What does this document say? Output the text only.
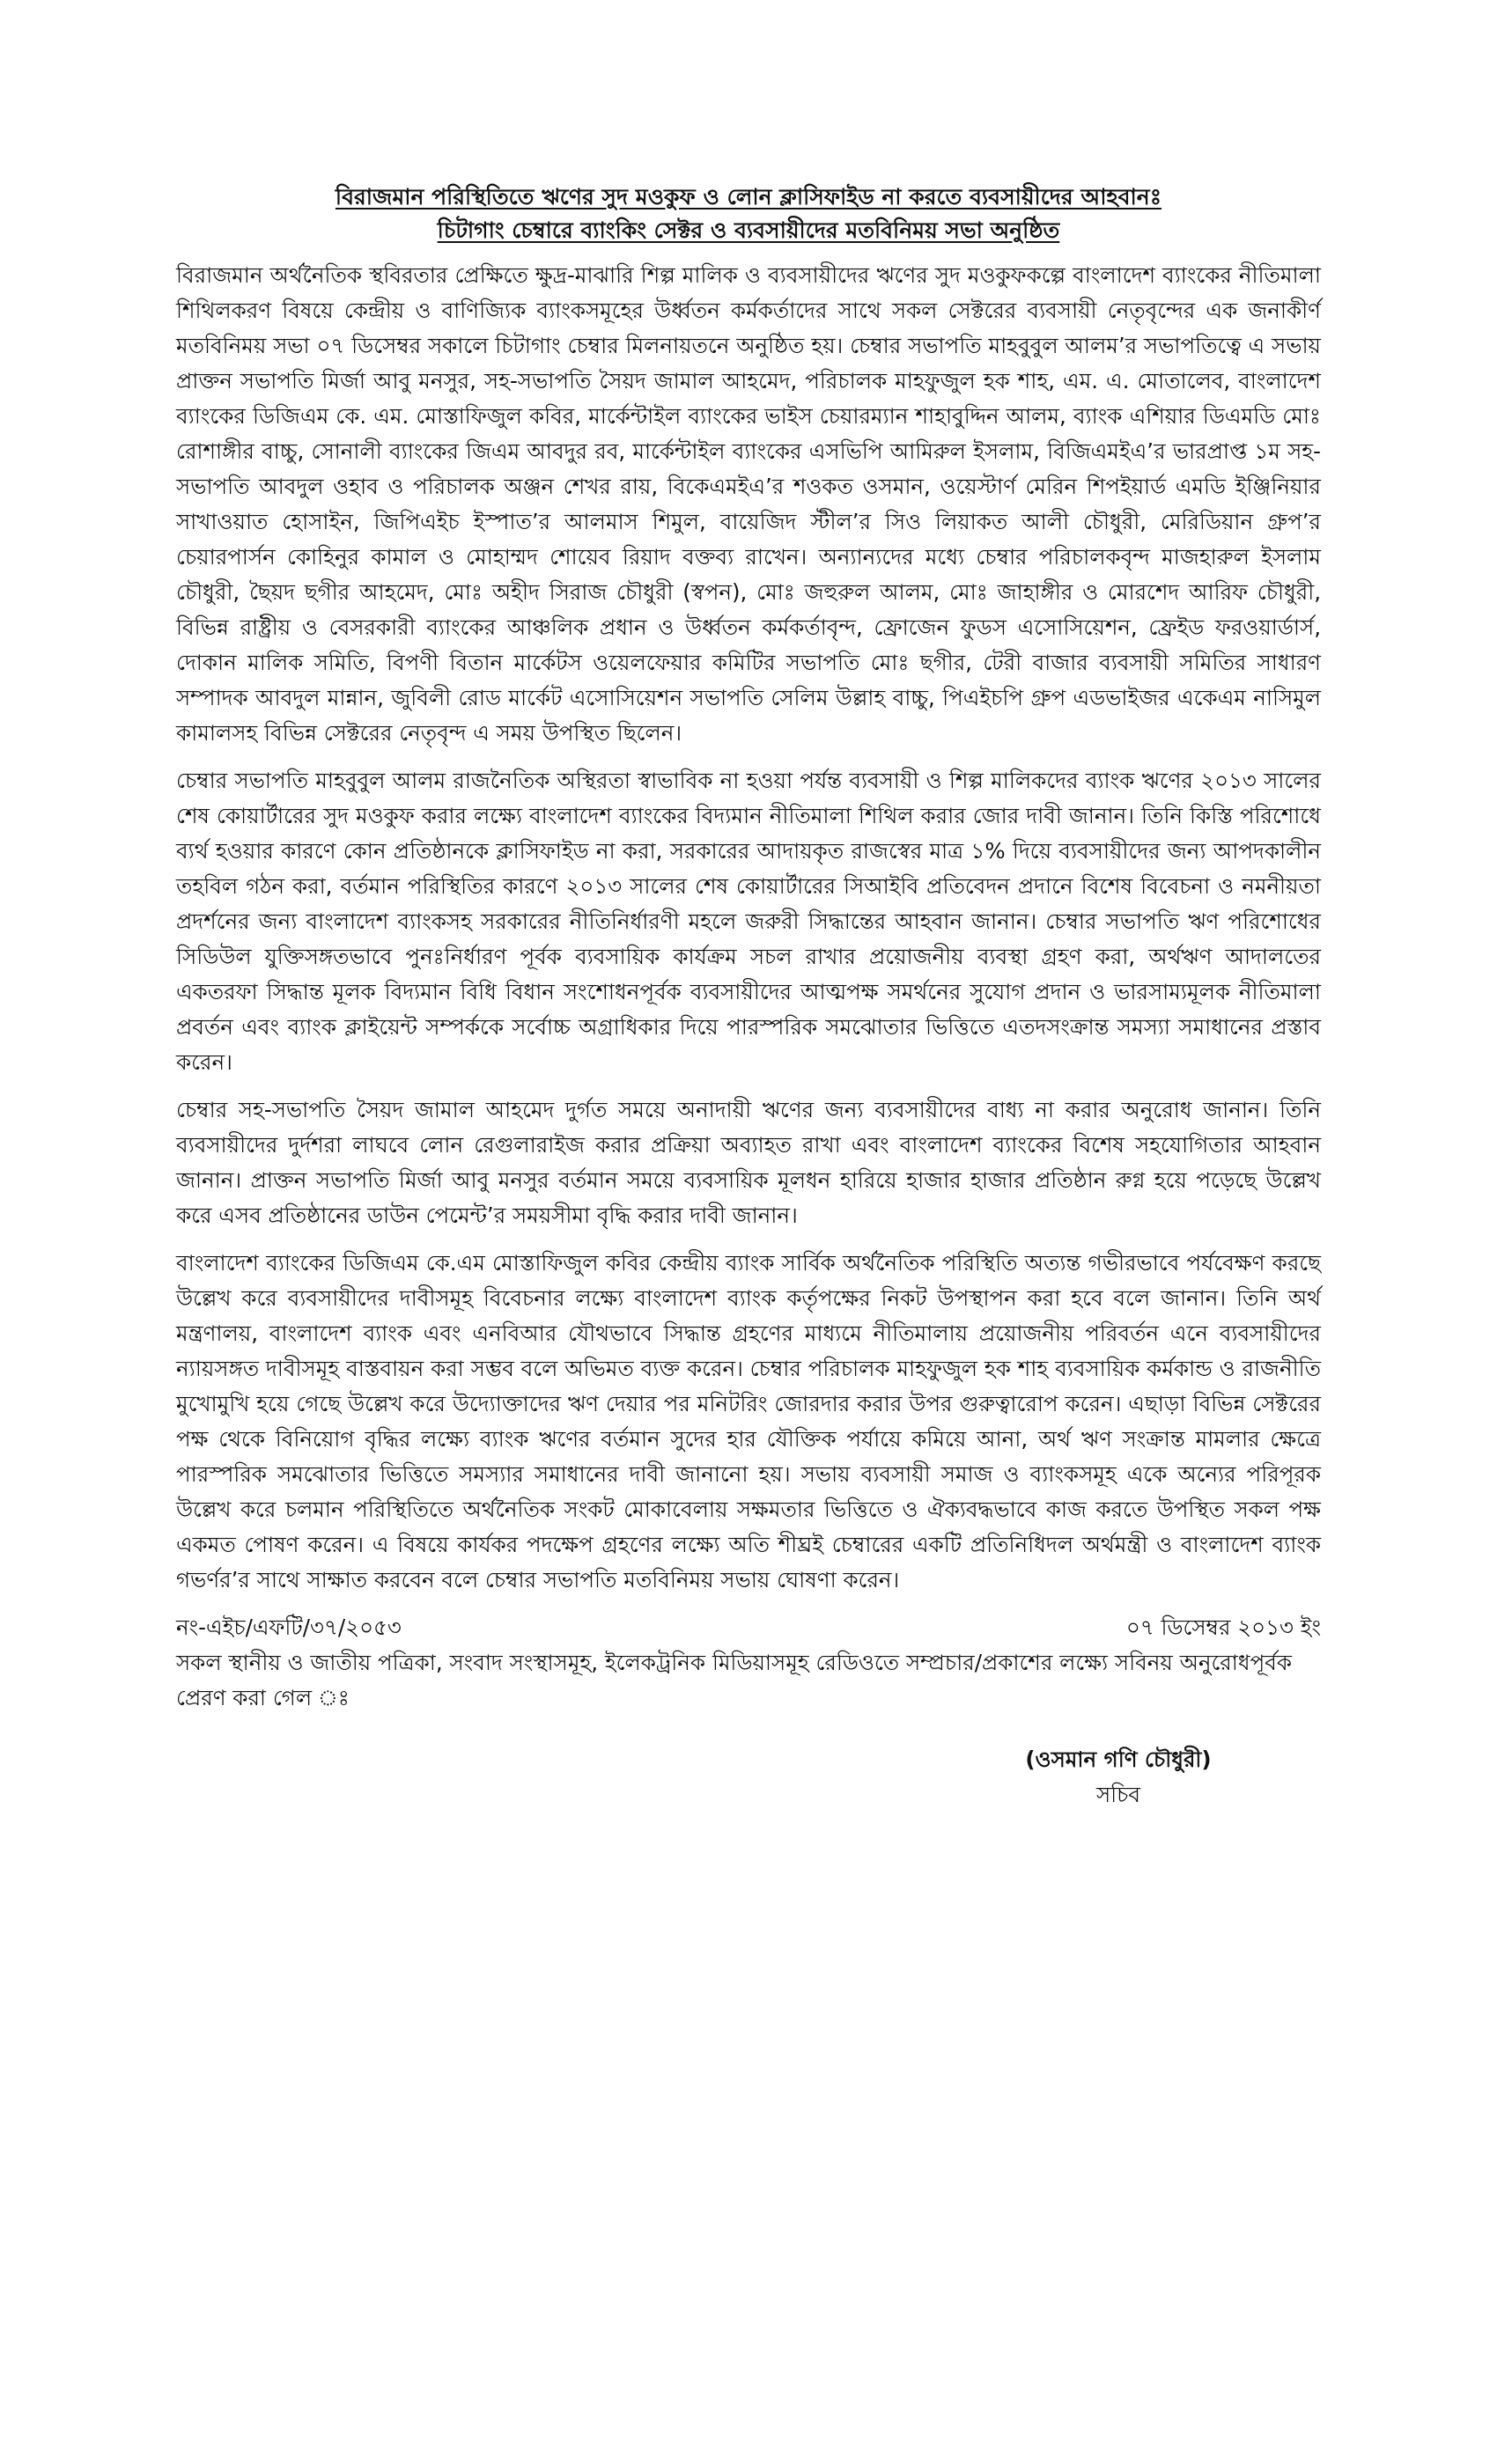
বিরাজমান পরিস্থিতিতে ঋণের সুদ মওকুফ ও লোন ক্লাসিফাইড না করতে ব্যবসায়ীদের আহবানঃ
চিটাগাং চেম্বারে ব্যাংকিং সেক্টর ও ব্যবসায়ীদের মতবিনিময় সভা অনুষ্ঠিত

বিরাজমান অর্থনৈতিক স্থবিরতার প্রেক্ষিতে ক্ষুদ্র-মাঝারি শিল্প মালিক ও ব্যবসায়ীদের ঋণের সুদ মওকুফকল্পে বাংলাদেশ ব্যাংকের নীতিমালা শিথিলকরণ বিষয়ে কেন্দ্রীয় ও বাণিজ্যিক ব্যাংকসমূহের উর্ধ্বতন কর্মকর্তাদের সাথে সকল সেক্টরের ব্যবসায়ী নেতৃবৃন্দের এক জনাকীর্ণ মতবিনিময় সভা ০৭ ডিসেম্বর সকালে চিটাগাং চেম্বার মিলনায়তনে অনুষ্ঠিত হয়। চেম্বার সভাপতি মাহবুবুল আলম’র সভাপতিত্বে এ সভায় প্রাক্তন সভাপতি মির্জা আবু মনসুর, সহ-সভাপতি সৈয়দ জামাল আহমেদ, পরিচালক মাহফুজুল হক শাহ, এম. এ. মোতালেব, বাংলাদেশ ব্যাংকের ডিজিএম কে. এম. মোস্তাফিজুল কবির, মার্কেন্টাইল ব্যাংকের ভাইস চেয়ারম্যান শাহাবুদ্দিন আলম, ব্যাংক এশিয়ার ডিএমডি মোঃ রোশাঙ্গীর বাচ্চু, সোনালী ব্যাংকের জিএম আবদুর রব, মার্কেন্টাইল ব্যাংকের এসভিপি আমিরুল ইসলাম, বিজিএমইএ’র ভারপ্রাপ্ত ১ম সহ-সভাপতি আবদুল ওহাব ও পরিচালক অঞ্জন শেখর রায়, বিকেএমইএ’র শওকত ওসমান, ওয়েস্টার্ণ মেরিন শিপইয়ার্ড এমডি ইঞ্জিনিয়ার সাখাওয়াত হোসাইন, জিপিএইচ ইস্পাত’র আলমাস শিমুল, বায়েজিদ স্টীল’র সিও লিয়াকত আলী চৌধুরী, মেরিডিয়ান গ্রুপ’র চেয়ারপার্সন কোহিনুর কামাল ও মোহাম্মদ শোয়েব রিয়াদ বক্তব্য রাখেন। অন্যান্যদের মধ্যে চেম্বার পরিচালকবৃন্দ মাজহারুল ইসলাম চৌধুরী, ছৈয়দ ছগীর আহমেদ, মোঃ অহীদ সিরাজ চৌধুরী (স্বপন), মোঃ জহুরুল আলম, মোঃ জাহাঙ্গীর ও মোরশেদ আরিফ চৌধুরী, বিভিন্ন রাষ্ট্রীয় ও বেসরকারী ব্যাংকের আঞ্চলিক প্রধান ও উর্ধ্বতন কর্মকর্তাবৃন্দ, ফ্রোজেন ফুডস এসোসিয়েশন, ফ্রেইড ফরওয়ার্ডার্স, দোকান মালিক সমিতি, বিপণী বিতান মার্কেটস ওয়েলফেয়ার কমিটির সভাপতি মোঃ ছগীর, টেরী বাজার ব্যবসায়ী সমিতির সাধারণ সম্পাদক আবদুল মান্নান, জুবিলী রোড মার্কেট এসোসিয়েশন সভাপতি সেলিম উল্লাহ বাচ্চু, পিএইচপি গ্রুপ এডভাইজর একেএম নাসিমুল কামালসহ বিভিন্ন সেক্টরের নেতৃবৃন্দ এ সময় উপস্থিত ছিলেন।

চেম্বার সভাপতি মাহবুবুল আলম রাজনৈতিক অস্থিরতা স্বাভাবিক না হওয়া পর্যন্ত ব্যবসায়ী ও শিল্প মালিকদের ব্যাংক ঋণের ২০১৩ সালের শেষ কোয়ার্টারের সুদ মওকুফ করার লক্ষ্যে বাংলাদেশ ব্যাংকের বিদ্যমান নীতিমালা শিথিল করার জোর দাবী জানান। তিনি কিস্তি পরিশোধে ব্যর্থ হওয়ার কারণে কোন প্রতিষ্ঠানকে ক্লাসিফাইড না করা, সরকারের আদায়কৃত রাজস্বের মাত্র ১% দিয়ে ব্যবসায়ীদের জন্য আপদকালীন তহবিল গঠন করা, বর্তমান পরিস্থিতির কারণে ২০১৩ সালের শেষ কোয়ার্টারের সিআইবি প্রতিবেদন প্রদানে বিশেষ বিবেচনা ও নমনীয়তা প্রদর্শনের জন্য বাংলাদেশ ব্যাংকসহ সরকারের নীতিনির্ধারণী মহলে জরুরী সিদ্ধান্তের আহবান জানান। চেম্বার সভাপতি ঋণ পরিশোধের সিডিউল যুক্তিসঙ্গতভাবে পুনঃনির্ধারণ পূর্বক ব্যবসায়িক কার্যক্রম সচল রাখার প্রয়োজনীয় ব্যবস্থা গ্রহণ করা, অর্থঋণ আদালতের একতরফা সিদ্ধান্ত মূলক বিদ্যমান বিধি বিধান সংশোধনপূর্বক ব্যবসায়ীদের আত্মপক্ষ সমর্থনের সুযোগ প্রদান ও ভারসাম্যমূলক নীতিমালা প্রবর্তন এবং ব্যাংক ক্লাইয়েন্ট সম্পর্ককে সর্বোচ্চ অগ্রাধিকার দিয়ে পারস্পরিক সমঝোতার ভিত্তিতে এতদসংক্রান্ত সমস্যা সমাধানের প্রস্তাব করেন।

চেম্বার সহ-সভাপতি সৈয়দ জামাল আহমেদ দুর্গত সময়ে অনাদায়ী ঋণের জন্য ব্যবসায়ীদের বাধ্য না করার অনুরোধ জানান। তিনি ব্যবসায়ীদের দুর্দশরা লাঘবে লোন রেগুলারাইজ করার প্রক্রিয়া অব্যাহত রাখা এবং বাংলাদেশ ব্যাংকের বিশেষ সহযোগিতার আহবান জানান। প্রাক্তন সভাপতি মির্জা আবু মনসুর বর্তমান সময়ে ব্যবসায়িক মূলধন হারিয়ে হাজার হাজার প্রতিষ্ঠান রুগ্ন হয়ে পড়েছে উল্লেখ করে এসব প্রতিষ্ঠানের ডাউন পেমেন্ট’র সময়সীমা বৃদ্ধি করার দাবী জানান।

বাংলাদেশ ব্যাংকের ডিজিএম কে.এম মোস্তাফিজুল কবির কেন্দ্রীয় ব্যাংক সার্বিক অর্থনৈতিক পরিস্থিতি অত্যন্ত গভীরভাবে পর্যবেক্ষণ করছে উল্লেখ করে ব্যবসায়ীদের দাবীসমূহ বিবেচনার লক্ষ্যে বাংলাদেশ ব্যাংক কর্তৃপক্ষের নিকট উপস্থাপন করা হবে বলে জানান। তিনি অর্থ মন্ত্রণালয়, বাংলাদেশ ব্যাংক এবং এনবিআর যৌথভাবে সিদ্ধান্ত গ্রহণের মাধ্যমে নীতিমালায় প্রয়োজনীয় পরিবর্তন এনে ব্যবসায়ীদের ন্যায়সঙ্গত দাবীসমূহ বাস্তবায়ন করা সম্ভব বলে অভিমত ব্যক্ত করেন। চেম্বার পরিচালক মাহফুজুল হক শাহ ব্যবসায়িক কর্মকান্ড ও রাজনীতি মুখোমুখি হয়ে গেছে উল্লেখ করে উদ্যোক্তাদের ঋণ দেয়ার পর মনিটরিং জোরদার করার উপর গুরুত্বারোপ করেন। এছাড়া বিভিন্ন সেক্টরের পক্ষ থেকে বিনিয়োগ বৃদ্ধির লক্ষ্যে ব্যাংক ঋণের বর্তমান সুদের হার যৌক্তিক পর্যায়ে কমিয়ে আনা, অর্থ ঋণ সংক্রান্ত মামলার ক্ষেত্রে পারস্পরিক সমঝোতার ভিত্তিতে সমস্যার সমাধানের দাবী জানানো হয়। সভায় ব্যবসায়ী সমাজ ও ব্যাংকসমূহ একে অন্যের পরিপূরক উল্লেখ করে চলমান পরিস্থিতিতে অর্থনৈতিক সংকট মোকাবেলায় সক্ষমতার ভিত্তিতে ও ঐক্যবদ্ধভাবে কাজ করতে উপস্থিত সকল পক্ষ একমত পোষণ করেন। এ বিষয়ে কার্যকর পদক্ষেপ গ্রহণের লক্ষ্যে অতি শীঘ্রই চেম্বারের একটি প্রতিনিধিদল অর্থমন্ত্রী ও বাংলাদেশ ব্যাংক গভর্ণর’র সাথে সাক্ষাত করবেন বলে চেম্বার সভাপতি মতবিনিময় সভায় ঘোষণা করেন।

নং-এইচ/এফটি/৩৭/২০৫৩	০৭ ডিসেম্বর ২০১৩ ইং

সকল স্থানীয় ও জাতীয় পত্রিকা, সংবাদ সংস্থাসমূহ, ইলেকট্রনিক মিডিয়াসমূহ রেডিওতে সম্প্রচার/প্রকাশের লক্ষ্যে সবিনয় অনুরোধপূর্বক প্রেরণ করা গেল ঃ

(ওসমান গণি চৌধুরী)
সচিব
